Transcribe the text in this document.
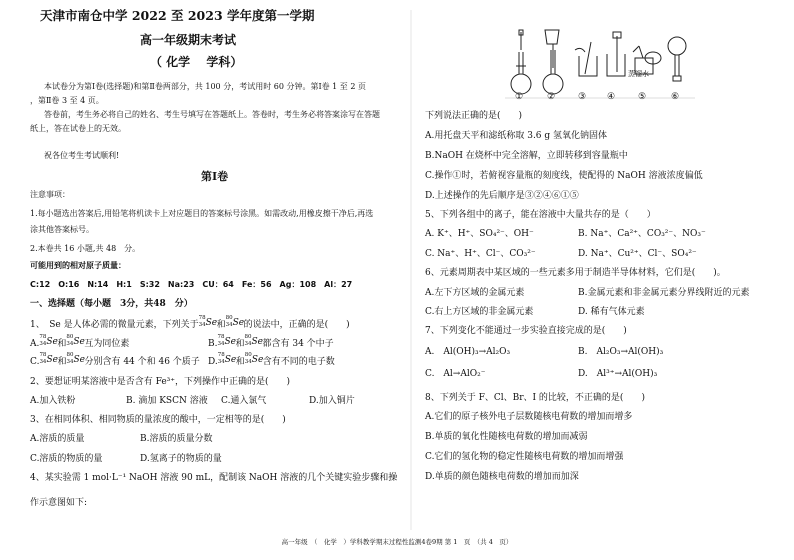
天津市南仓中学 2022 至 2023 学年度第一学期
高一年级期末考试
（ 化学　 学科）
本试卷分为第Ⅰ卷(选择题)和第Ⅱ卷两部分，共 100 分，考试用时 60 分钟。第Ⅰ卷 1 至 2 页
，第Ⅱ卷 3 至 4 页。
答卷前，考生务必将自己的姓名、考生号填写在答题纸上。答卷时，考生务必将答案涂写在答题
纸上，答在试卷上的无效。
祝各位考生考试顺利!
第Ⅰ卷
注意事项：
1.每小题选出答案后,用铅笔将机读卡上对应题目的答案标号涂黑。如需改动,用橡皮擦干净后,再选
涂其他答案标号。
2.本卷共 16 小题,共 48　分。
可能用到的相对原子质量：
C:12　O:16　N:14　H:1　S:32　Na:23　CU：64　Fe：56　Ag：108　Al：27
一、选择题（每小题　3分，共48　分）
1、　Se 是人体必需的微量元素，下列关于
78
34 Se 和
80
34 Se 的说法中，正确的是(　　)
A.
78
34 Se 和
80
34 Se 互为同位素	B.
78
34 Se 和
80
34 Se 都含有 34 个中子
C.
78
34 Se 和
80
34 Se 分别含有 44 个和 46 个质子 D.
78
34 Se 和
80
34 Se 含有不同的电子数
2、要想证明某溶液中是否含有 Fe³⁺，下列操作中正确的是(　　)
A.加入铁粉	B. 滴加 KSCN 溶液 C.通入氯气	D.加入铜片
3、在相同体积、相同物质的量浓度的酸中，一定相等的是(　　)
A.溶质的质量	B.溶质的质量分数
C.溶质的物质的量	D.氢离子的物质的量
4、某实验需 1 mol·L⁻¹ NaOH 溶液 90 mL，配制该 NaOH 溶液的几个关键实验步骤和操
作示意图如下:
蒸馏水
①	②	③ ④	⑤	⑥
下列说法正确的是(　　)
A.用托盘天平和滤纸称取 3.6 g 氢氧化钠固体
B.NaOH 在烧杯中完全溶解，立即转移到容量瓶中
C.操作①时，若俯视容量瓶的刻度线，使配得的 NaOH 溶液浓度偏低
D.上述操作的先后顺序是③②④⑥①⑤
5、下列各组中的离子，能在溶液中大量共存的是（　　）
A. K⁺、H⁺、SO₄²⁻、OH⁻	B. Na⁺、Ca²⁺、CO₃²⁻、NO₃⁻
C. Na⁺、H⁺、Cl⁻、CO₃²⁻	D. Na⁺、Cu²⁺、Cl⁻、SO₄²⁻
6、元素周期表中某区域的一些元素多用于制造半导体材料，它们是(　　)。
A.左下方区域的金属元素	B.金属元素和非金属元素分界线附近的元素
C.右上方区域的非金属元素	D. 稀有气体元素
7、下列变化不能通过一步实验直接完成的是(　　)
A.　Al(OH)₃→Al₂O₃	B.　Al₂O₃→Al(OH)₃
C.　Al→AlO₂⁻	D.　Al³⁺→Al(OH)₃
8、下列关于 F、Cl、Br、I 的比较，不正确的是(　　)
A.它们的原子核外电子层数随核电荷数的增加而增多
B.单质的氧化性随核电荷数的增加而减弱
C.它们的氢化物的稳定性随核电荷数的增加而增强
D.单质的颜色随核电荷数的增加而加深
高一年级　（　化学　）学科教学期末过程性监测4卷9期 第 1　页　（共 4　页）
